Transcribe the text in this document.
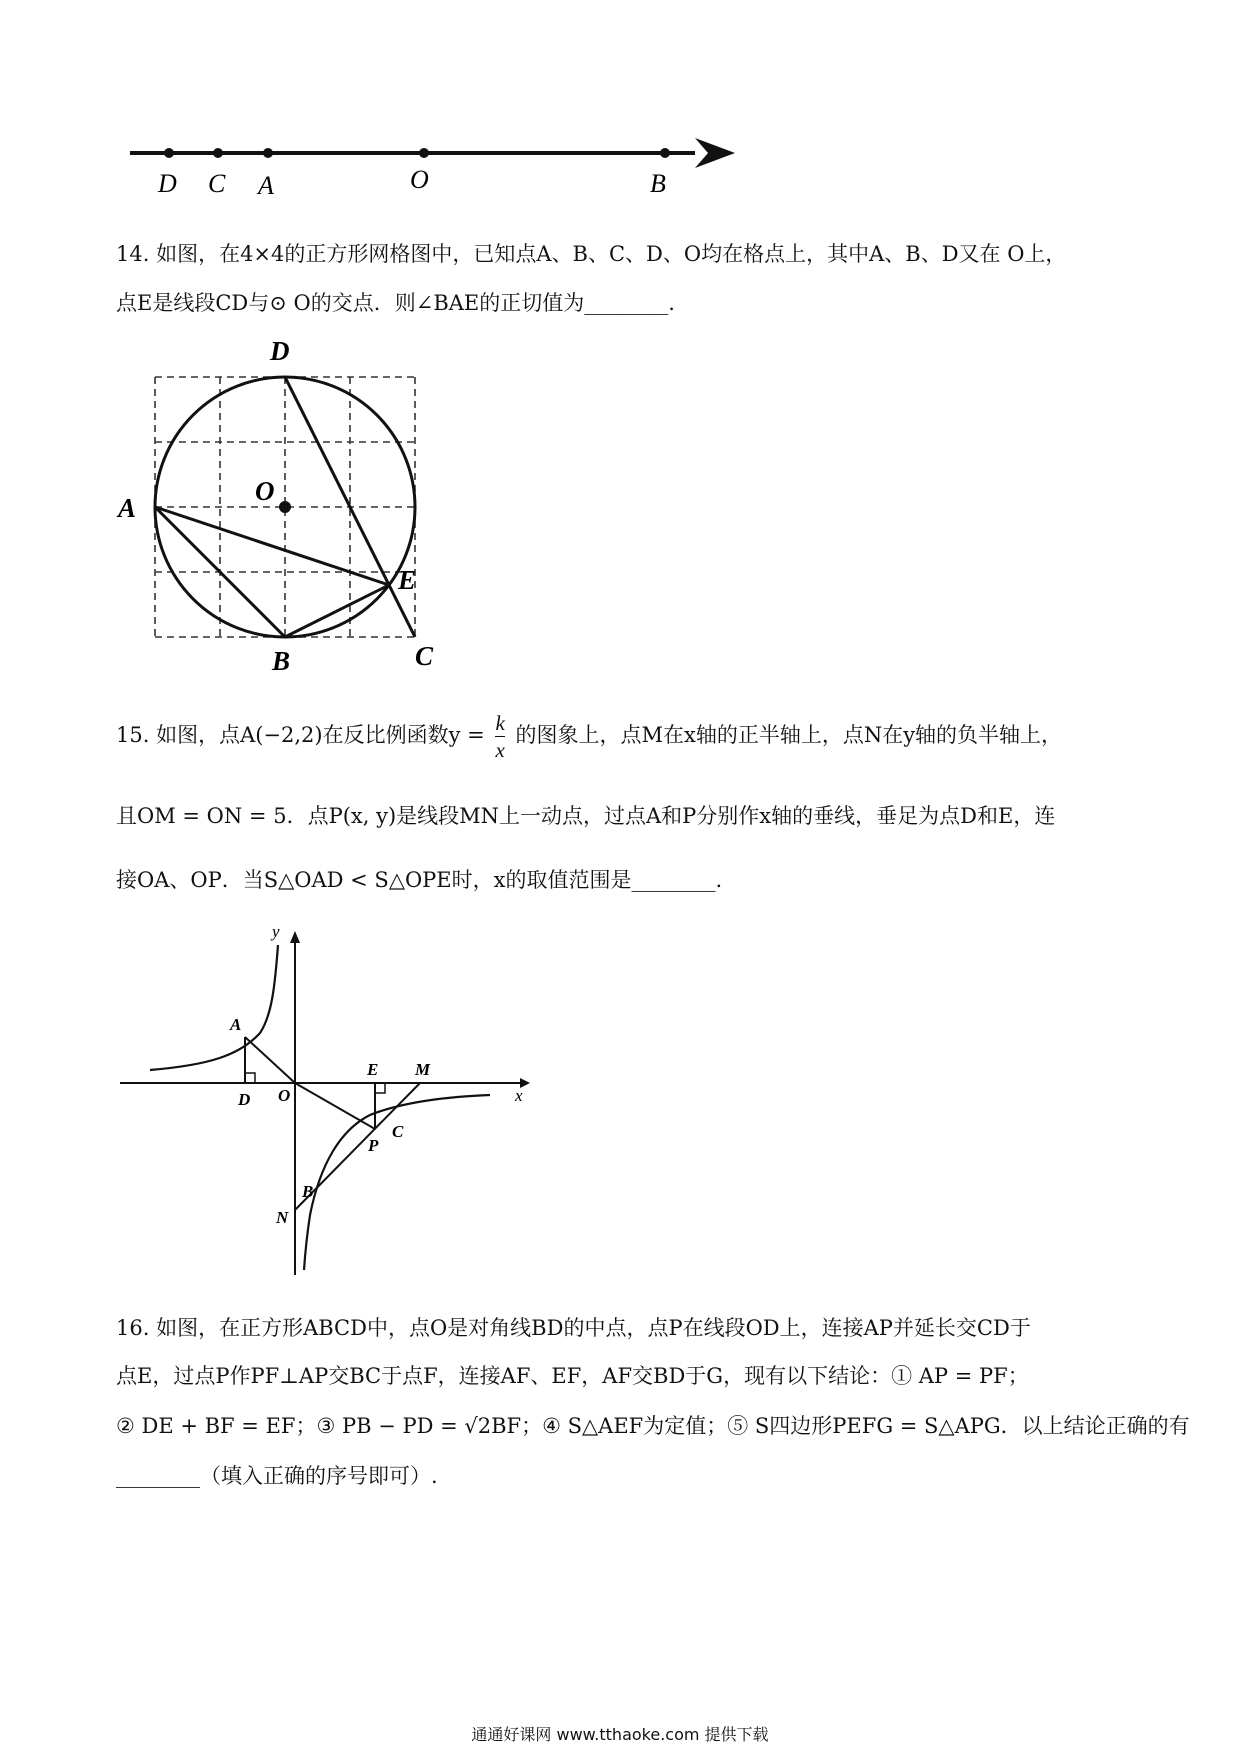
D C A	O	B
14. 如图，在4×4的正方形网格图中，已知点A、B、C、D、O均在格点上，其中A、B、D又在 O上，
点E是线段CD与⊙ O的交点．则∠BAE的正切值为________.
D
A
O
E
B	C
15. 如图，点A(−2,2)在反比例函数$y = \frac{k}{x}$ 的图象上，点M在x轴的正半轴上，点N在y轴的负半轴上，
且OM = ON = 5．点P(x, y)是线段MN上一动点，过点A和P分别作x轴的垂线，垂足为点D和E，连
接OA、OP．当S△OAD < S△OPE时，x的取值范围是________.
y
A
D O
E M
x
P
C
B
N
16. 如图，在正方形ABCD中，点O是对角线BD的中点，点P在线段OD上，连接AP并延长交CD于
点E，过点P作PF⊥AP交BC于点F，连接AF、EF，AF交BD于G，现有以下结论：① AP = PF；
② DE + BF = EF；③ PB − PD = √2BF；④ S△AEF为定值；⑤ S四边形PEFG = S△APG．以上结论正确的有
________（填入正确的序号即可）.
通通好课网 www.tthaoke.com 提供下载
